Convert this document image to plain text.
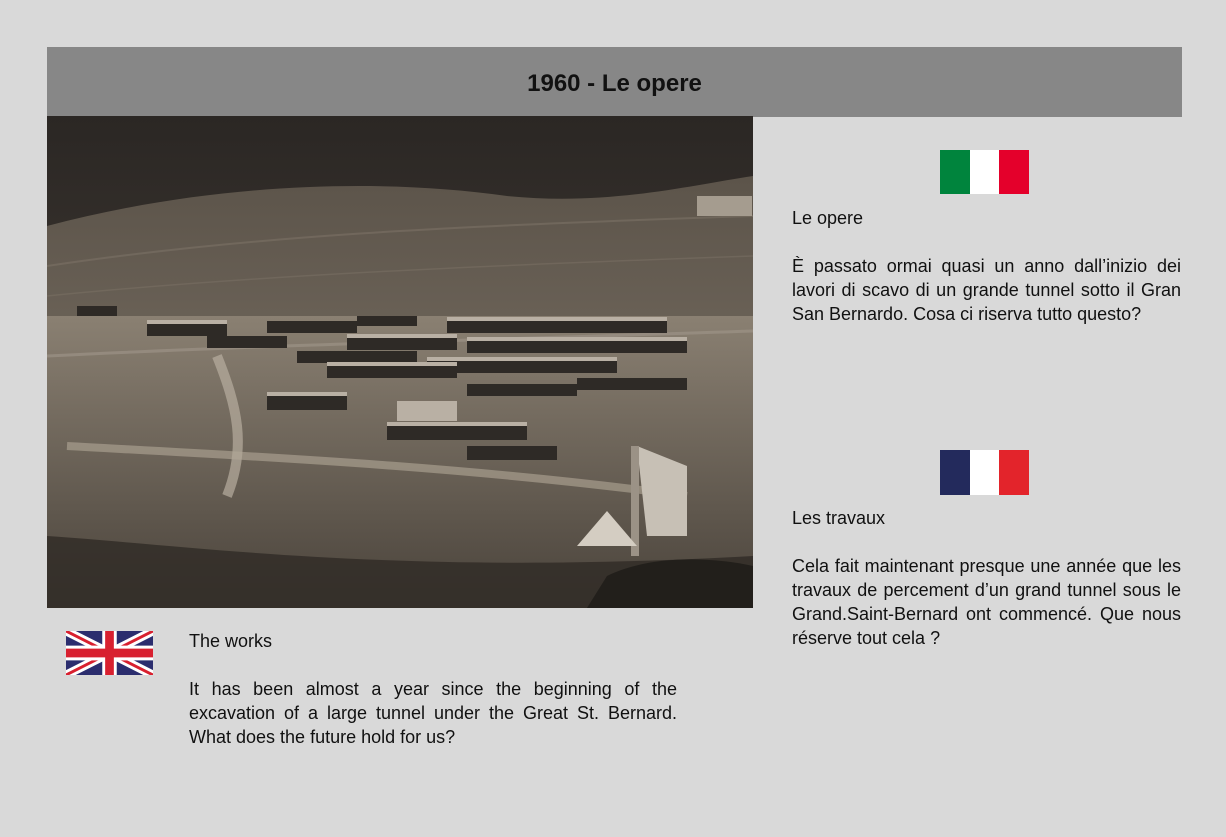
1960 - Le opere

Le opere

È passato ormai quasi un anno dall’inizio dei lavori di scavo di un grande tunnel sotto il Gran San Bernardo. Cosa ci riserva tutto questo?

Les travaux

Cela fait maintenant presque une année que les travaux de percement d’un grand tunnel sous le Grand.Saint-Bernard ont commencé. Que nous réserve tout cela ?

The works

It has been almost a year since the beginning of the excavation of a large tunnel under the Great St. Bernard. What does the future hold for us?
